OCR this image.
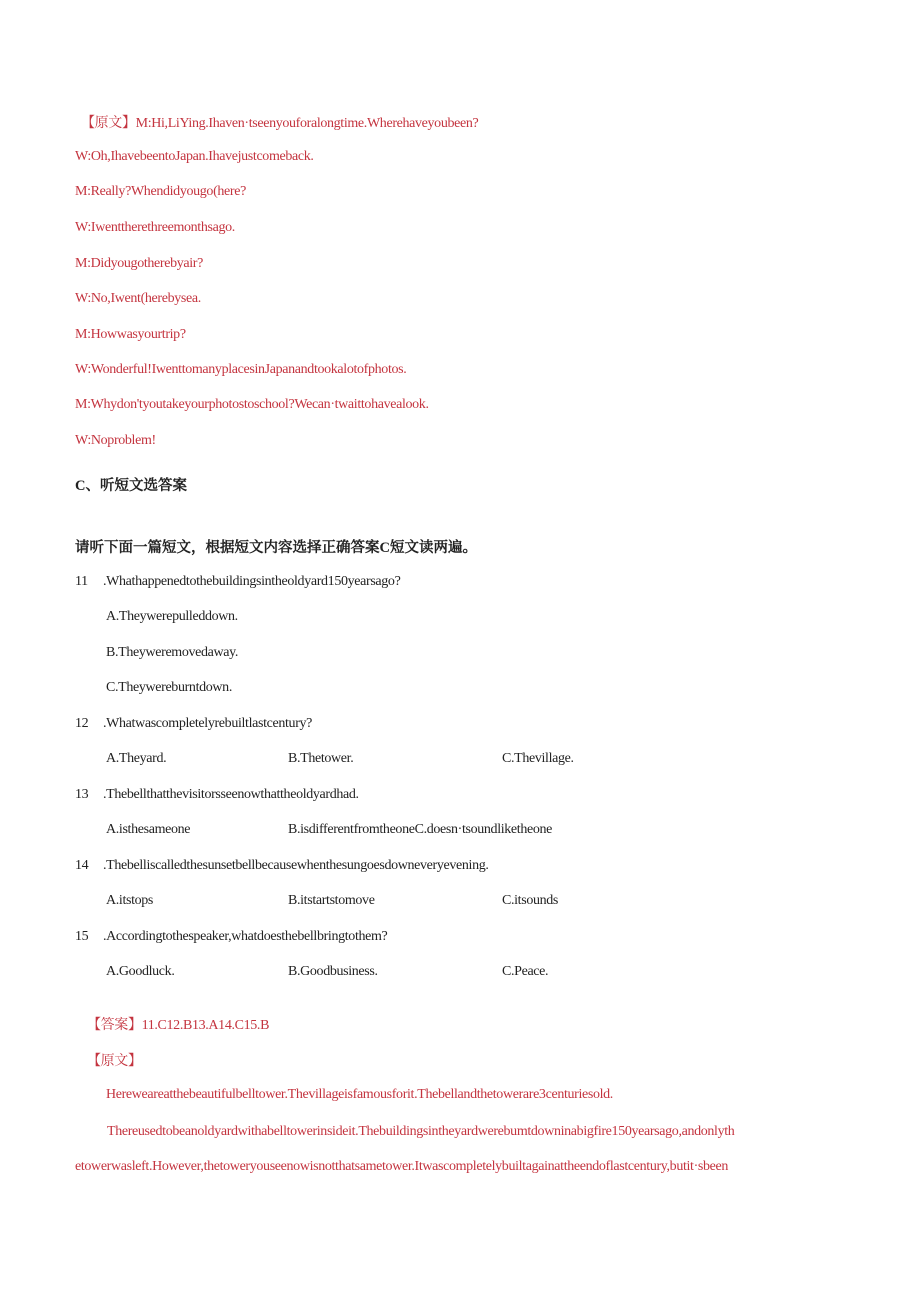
【原文】M:Hi,LiYing.Ihaven·tseenyouforalongtime.Wherehaveyoubeen?
W:Oh,IhavebeentoJapan.Ihavejustcomeback.
M:Really?Whendidyougo(here?
W:Iwenttherethreemonthsago.
M:Didyougotherebyair?
W:No,Iwent(herebysea.
M:Howwasyourtrip?
W:Wonderful!IwenttomanyplacesinJapanandtookalotofphotos.
M:Whydon'tyoutakeyourphotostoschool?Wecan·twaittohavealook.
W:Noproblem!
C、听短文选答案
请听下面一篇短文，根据短文内容选择正确答案C短文读两遍。
11 .Whathappenedtothebuildingsintheoldyard150yearsago?
A.Theywerepulleddown.
B.Theyweremovedaway.
C.Theywereburntdown.
12 .Whatwascompletelyrebuiltlastcentury?
A.Theyard.	B.Thetower.	C.Thevillage.
13 .Thebellthatthevisitorsseenowthattheoldyardhad.
A.isthesameone	B.isdifferentfromtheoneC.doesn·tsoundliketheone
14 .Thebelliscalledthesunsetbellbecausewhenthesungoesdowneveryevening.
A.itstops	B.itstartstomove	C.itsounds
15 .Accordingtothespeaker,whatdoesthebellbringtothem?
A.Goodluck.	B.Goodbusiness.	C.Peace.
【答案】11.C12.B13.A14.C15.B
【原文】
Hereweareatthebeautifulbelltower.Thevillageisfamousforit.Thebellandthetowerare3centuriesold.
Thereusedtobeanoldyardwithabelltowerinsideit.Thebuildingsintheyardwerebumtdowninabigfire150yearsago,andonlyth
etowerwasleft.However,thetoweryouseenowisnotthatsametower.Itwascompletelybuiltagainattheendoflastcentury,butit·sbeen
